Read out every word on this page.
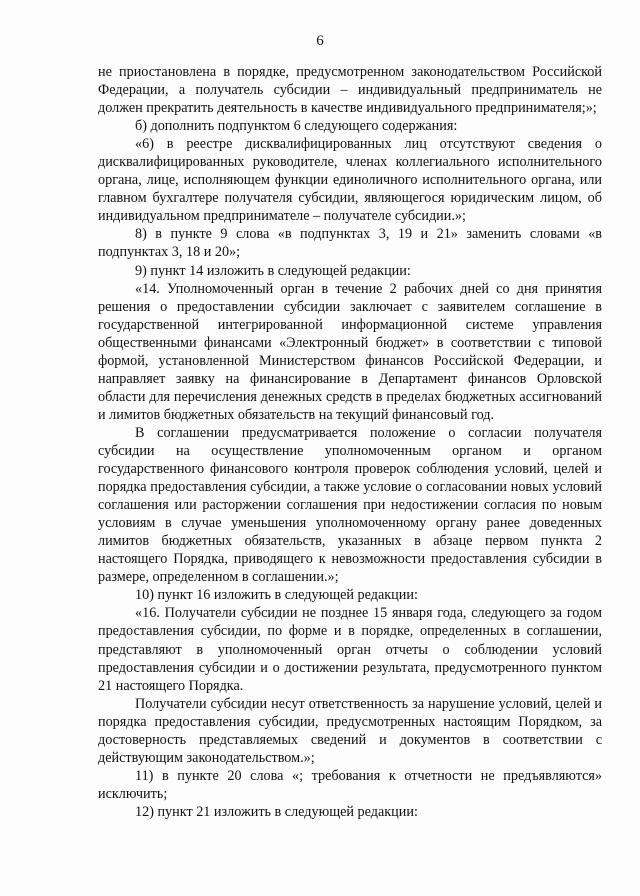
6

не приостановлена в порядке, предусмотренном законодательством Российской Федерации, а получатель субсидии – индивидуальный предприниматель не должен прекратить деятельность в качестве индивидуального предпринимателя;»;

б) дополнить подпунктом 6 следующего содержания:

«6) в реестре дисквалифицированных лиц отсутствуют сведения о дисквалифицированных руководителе, членах коллегиального исполнительного органа, лице, исполняющем функции единоличного исполнительного органа, или главном бухгалтере получателя субсидии, являющегося юридическим лицом, об индивидуальном предпринимателе – получателе субсидии.»;

8) в пункте 9 слова «в подпунктах 3, 19 и 21» заменить словами «в подпунктах 3, 18 и 20»;

9) пункт 14 изложить в следующей редакции:

«14. Уполномоченный орган в течение 2 рабочих дней со дня принятия решения о предоставлении субсидии заключает с заявителем соглашение в государственной интегрированной информационной системе управления общественными финансами «Электронный бюджет» в соответствии с типовой формой, установленной Министерством финансов Российской Федерации, и направляет заявку на финансирование в Департамент финансов Орловской области для перечисления денежных средств в пределах бюджетных ассигнований и лимитов бюджетных обязательств на текущий финансовый год.

В соглашении предусматривается положение о согласии получателя субсидии на осуществление уполномоченным органом и органом государственного финансового контроля проверок соблюдения условий, целей и порядка предоставления субсидии, а также условие о согласовании новых условий соглашения или расторжении соглашения при недостижении согласия по новым условиям в случае уменьшения уполномоченному органу ранее доведенных лимитов бюджетных обязательств, указанных в абзаце первом пункта 2 настоящего Порядка, приводящего к невозможности предоставления субсидии в размере, определенном в соглашении.»;

10) пункт 16 изложить в следующей редакции:

«16. Получатели субсидии не позднее 15 января года, следующего за годом предоставления субсидии, по форме и в порядке, определенных в соглашении, представляют в уполномоченный орган отчеты о соблюдении условий предоставления субсидии и о достижении результата, предусмотренного пунктом 21 настоящего Порядка.

Получатели субсидии несут ответственность за нарушение условий, целей и порядка предоставления субсидии, предусмотренных настоящим Порядком, за достоверность представляемых сведений и документов в соответствии с действующим законодательством.»;

11) в пункте 20 слова «; требования к отчетности не предъявляются» исключить;

12) пункт 21 изложить в следующей редакции:
